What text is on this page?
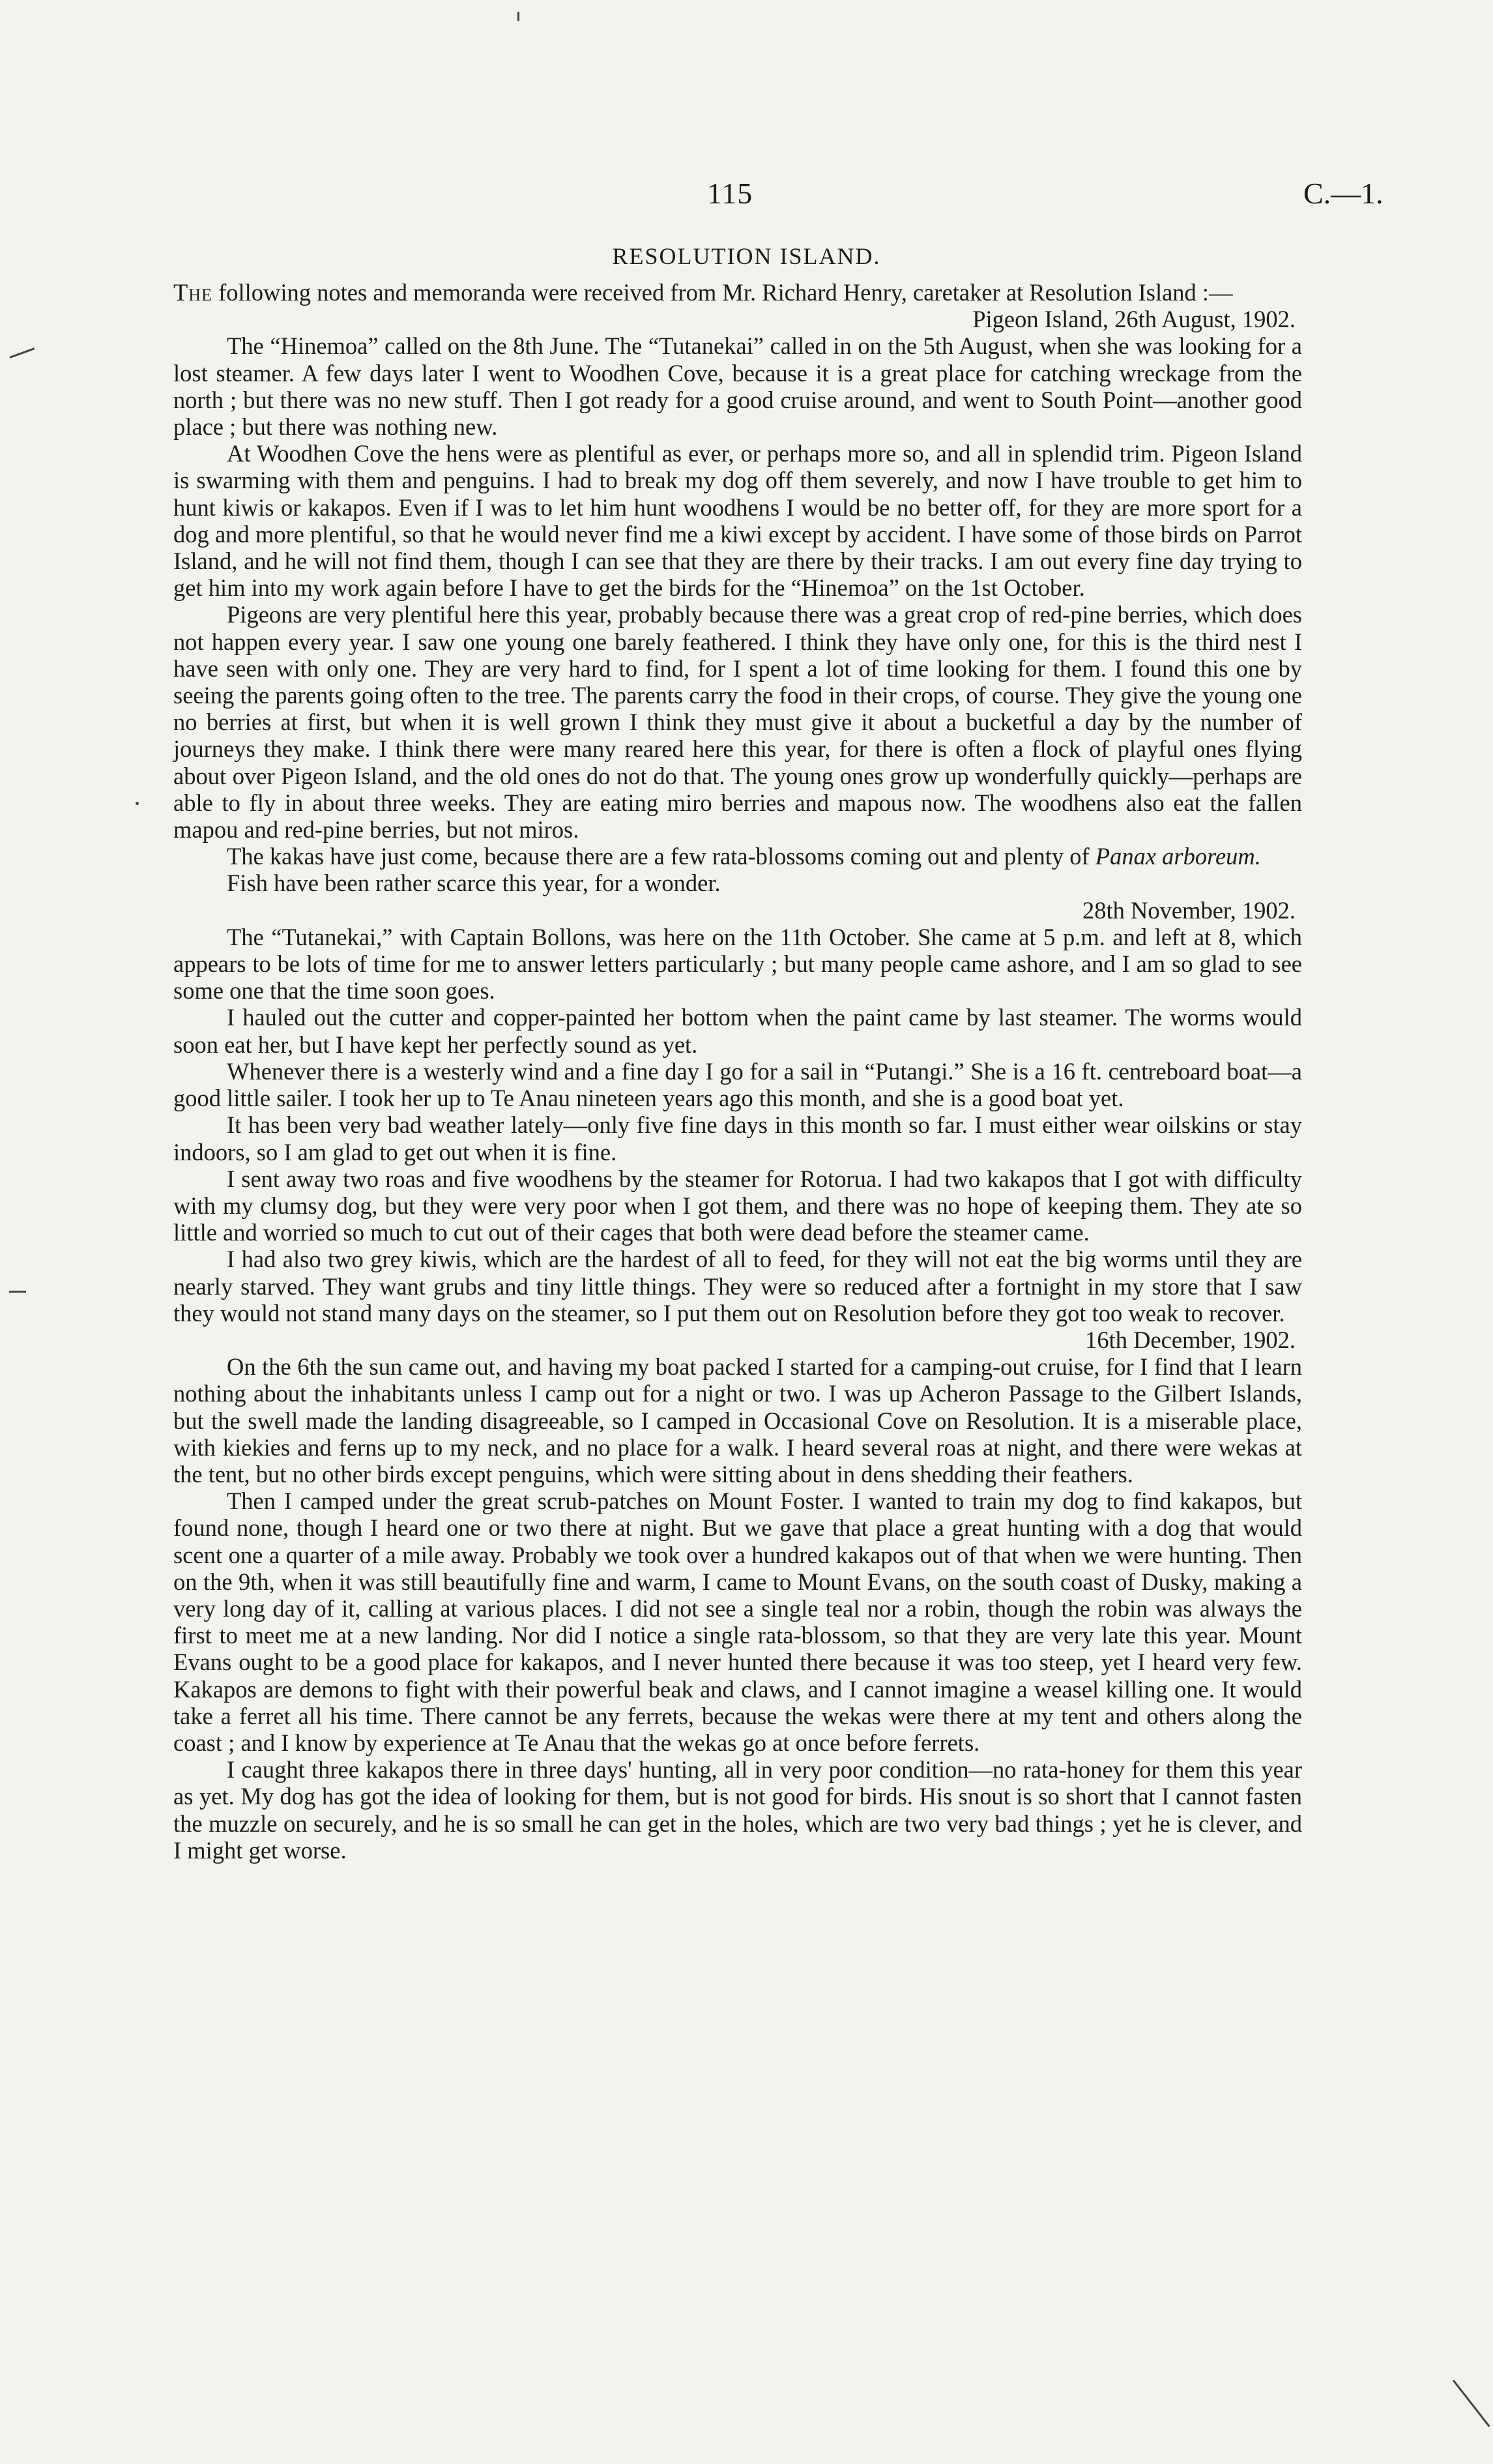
115	C.—1.
RESOLUTION ISLAND.

The following notes and memoranda were received from Mr. Richard Henry, caretaker at Resolution Island :—

Pigeon Island, 26th August, 1902.

The “Hinemoa” called on the 8th June. The “Tutanekai” called in on the 5th August, when she was looking for a lost steamer. A few days later I went to Woodhen Cove, because it is a great place for catching wreckage from the north ; but there was no new stuff. Then I got ready for a good cruise around, and went to South Point—another good place ; but there was nothing new.

At Woodhen Cove the hens were as plentiful as ever, or perhaps more so, and all in splendid trim. Pigeon Island is swarming with them and penguins. I had to break my dog off them severely, and now I have trouble to get him to hunt kiwis or kakapos. Even if I was to let him hunt woodhens I would be no better off, for they are more sport for a dog and more plentiful, so that he would never find me a kiwi except by accident. I have some of those birds on Parrot Island, and he will not find them, though I can see that they are there by their tracks. I am out every fine day trying to get him into my work again before I have to get the birds for the “Hinemoa” on the 1st October.

Pigeons are very plentiful here this year, probably because there was a great crop of red-pine berries, which does not happen every year. I saw one young one barely feathered. I think they have only one, for this is the third nest I have seen with only one. They are very hard to find, for I spent a lot of time looking for them. I found this one by seeing the parents going often to the tree. The parents carry the food in their crops, of course. They give the young one no berries at first, but when it is well grown I think they must give it about a bucketful a day by the number of journeys they make. I think there were many reared here this year, for there is often a flock of playful ones flying about over Pigeon Island, and the old ones do not do that. The young ones grow up wonderfully quickly—perhaps are able to fly in about three weeks. They are eating miro berries and mapous now. The woodhens also eat the fallen mapou and red-pine berries, but not miros.

The kakas have just come, because there are a few rata-blossoms coming out and plenty of Panax arboreum.

Fish have been rather scarce this year, for a wonder.

28th November, 1902.

The “Tutanekai,” with Captain Bollons, was here on the 11th October. She came at 5 p.m. and left at 8, which appears to be lots of time for me to answer letters particularly ; but many people came ashore, and I am so glad to see some one that the time soon goes.

I hauled out the cutter and copper-painted her bottom when the paint came by last steamer. The worms would soon eat her, but I have kept her perfectly sound as yet.

Whenever there is a westerly wind and a fine day I go for a sail in “Putangi.” She is a 16 ft. centreboard boat—a good little sailer. I took her up to Te Anau nineteen years ago this month, and she is a good boat yet.

It has been very bad weather lately—only five fine days in this month so far. I must either wear oilskins or stay indoors, so I am glad to get out when it is fine.

I sent away two roas and five woodhens by the steamer for Rotorua. I had two kakapos that I got with difficulty with my clumsy dog, but they were very poor when I got them, and there was no hope of keeping them. They ate so little and worried so much to cut out of their cages that both were dead before the steamer came.

I had also two grey kiwis, which are the hardest of all to feed, for they will not eat the big worms until they are nearly starved. They want grubs and tiny little things. They were so reduced after a fortnight in my store that I saw they would not stand many days on the steamer, so I put them out on Resolution before they got too weak to recover.

16th December, 1902.

On the 6th the sun came out, and having my boat packed I started for a camping-out cruise, for I find that I learn nothing about the inhabitants unless I camp out for a night or two. I was up Acheron Passage to the Gilbert Islands, but the swell made the landing disagreeable, so I camped in Occasional Cove on Resolution. It is a miserable place, with kiekies and ferns up to my neck, and no place for a walk. I heard several roas at night, and there were wekas at the tent, but no other birds except penguins, which were sitting about in dens shedding their feathers.

Then I camped under the great scrub-patches on Mount Foster. I wanted to train my dog to find kakapos, but found none, though I heard one or two there at night. But we gave that place a great hunting with a dog that would scent one a quarter of a mile away. Probably we took over a hundred kakapos out of that when we were hunting. Then on the 9th, when it was still beautifully fine and warm, I came to Mount Evans, on the south coast of Dusky, making a very long day of it, calling at various places. I did not see a single teal nor a robin, though the robin was always the first to meet me at a new landing. Nor did I notice a single rata-blossom, so that they are very late this year. Mount Evans ought to be a good place for kakapos, and I never hunted there because it was too steep, yet I heard very few. Kakapos are demons to fight with their powerful beak and claws, and I cannot imagine a weasel killing one. It would take a ferret all his time. There cannot be any ferrets, because the wekas were there at my tent and others along the coast ; and I know by experience at Te Anau that the wekas go at once before ferrets.

I caught three kakapos there in three days' hunting, all in very poor condition—no rata-honey for them this year as yet. My dog has got the idea of looking for them, but is not good for birds. His snout is so short that I cannot fasten the muzzle on securely, and he is so small he can get in the holes, which are two very bad things ; yet he is clever, and I might get worse.
